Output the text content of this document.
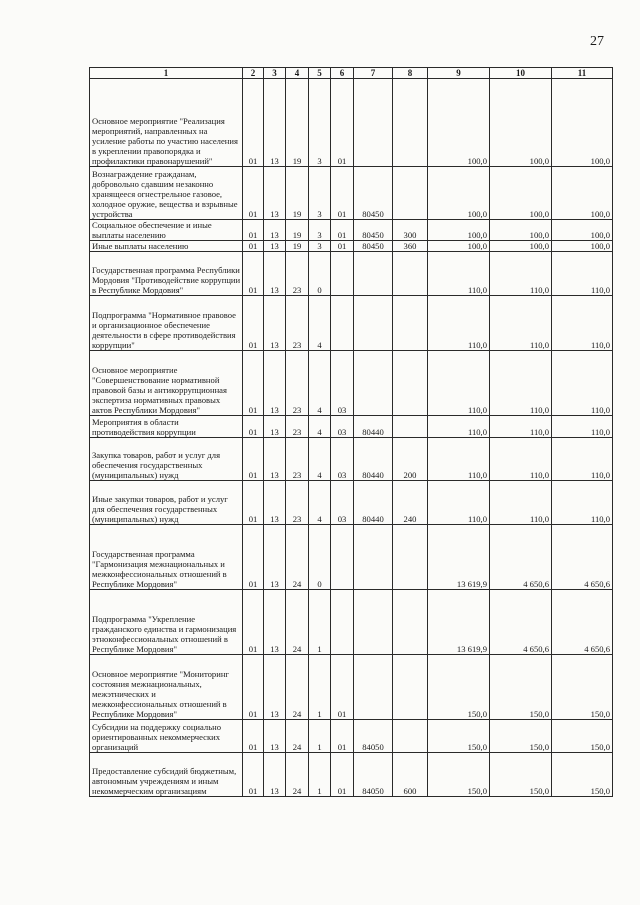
27
1	2	3	4	5	6	7	8	9	10	11
Основное мероприятие "Реализация мероприятий, направленных на усиление работы по участию населения в укреплении правопорядка и профилактики правонарушений"	01	13	19	3	01			100,0	100,0	100,0
Вознаграждение гражданам, добровольно сдавшим незаконно хранящееся огнестрельное газовое, холодное оружие, вещества и взрывные устройства	01	13	19	3	01	80450		100,0	100,0	100,0
Социальное обеспечение и иные выплаты населению	01	13	19	3	01	80450	300	100,0	100,0	100,0
Иные выплаты населению	01	13	19	3	01	80450	360	100,0	100,0	100,0
Государственная программа Республики Мордовия "Противодействие коррупции в Республике Мордовия"	01	13	23	0				110,0	110,0	110,0
Подпрограмма "Нормативное правовое и организационное обеспечение деятельности в сфере противодействия коррупции"	01	13	23	4				110,0	110,0	110,0
Основное мероприятие "Совершенствование нормативной правовой базы и антикоррупционная экспертиза нормативных правовых актов Республики Мордовия"	01	13	23	4	03			110,0	110,0	110,0
Мероприятия в области противодействия коррупции	01	13	23	4	03	80440		110,0	110,0	110,0
Закупка товаров, работ и услуг для обеспечения государственных (муниципальных) нужд	01	13	23	4	03	80440	200	110,0	110,0	110,0
Иные закупки товаров, работ и услуг для обеспечения государственных (муниципальных) нужд	01	13	23	4	03	80440	240	110,0	110,0	110,0
Государственная программа "Гармонизация межнациональных и межконфессиональных отношений в Республике Мордовия"	01	13	24	0				13 619,9	4 650,6	4 650,6
Подпрограмма "Укрепление гражданского единства и гармонизация этноконфессиональных отношений в Республике Мордовия"	01	13	24	1				13 619,9	4 650,6	4 650,6
Основное мероприятие "Мониторинг состояния межнациональных, межэтнических и межконфессиональных отношений в Республике Мордовия"	01	13	24	1	01			150,0	150,0	150,0
Субсидии на поддержку социально ориентированных некоммерческих организаций	01	13	24	1	01	84050		150,0	150,0	150,0
Предоставление субсидий бюджетным, автономным учреждениям и иным некоммерческим организациям	01	13	24	1	01	84050	600	150,0	150,0	150,0
